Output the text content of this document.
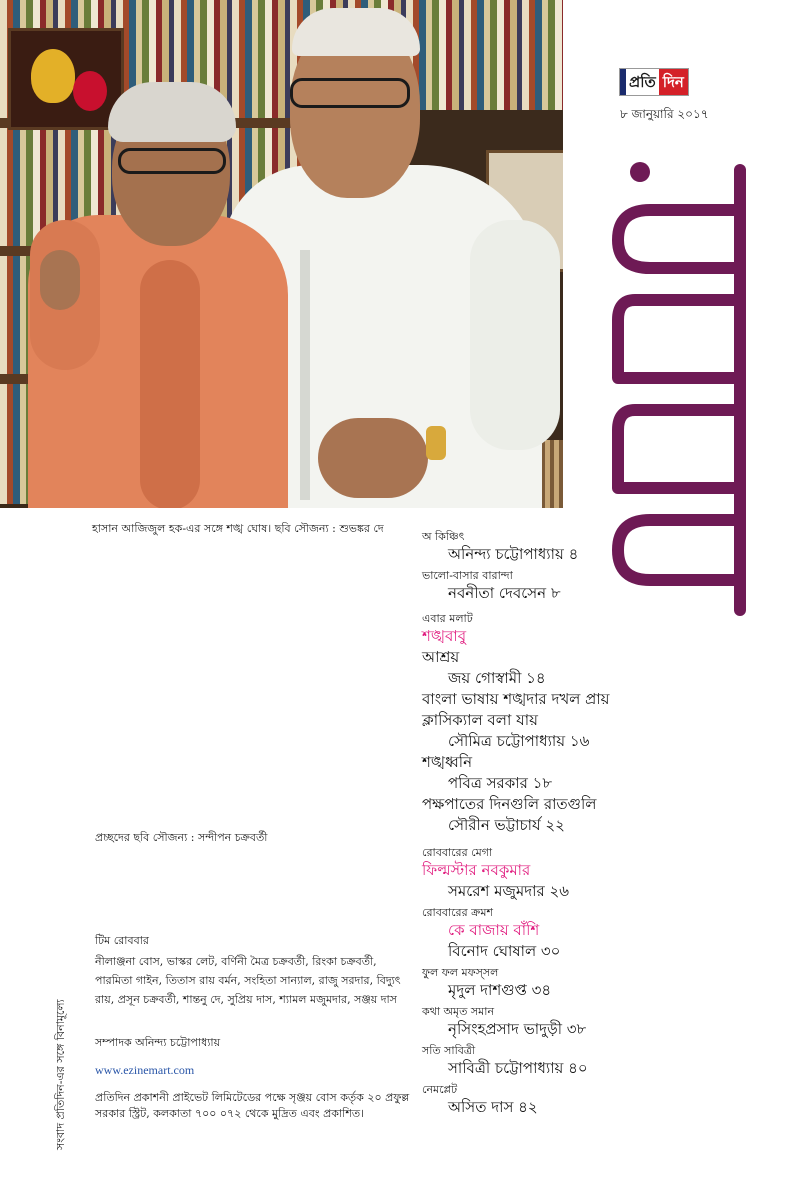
প্রতি দিন
৮ জানুয়ারি ২০১৭
হাসান আজিজুল হক-এর সঙ্গে শঙ্খ ঘোষ। ছবি সৌজন্য : শুভঙ্কর দে
প্রচ্ছদের ছবি সৌজন্য : সন্দীপন চক্রবর্তী
টিম রোববার
নীলাঞ্জনা বোস, ভাস্কর লেট, বর্ণিনী মৈত্র চক্রবর্তী, রিংকা চক্রবর্তী, পারমিতা গাইন, তিতাস রায় বর্মন, সংহিতা সান্যাল, রাজু সরদার, বিদ্যুৎ রায়, প্রসূন চক্রবর্তী, শান্তনু দে, সুপ্রিয় দাস, শ্যামল মজুমদার, সঞ্জয় দাস
সম্পাদক অনিন্দ্য চট্টোপাধ্যায়
www.ezinemart.com
প্রতিদিন প্রকাশনী প্রাইভেট লিমিটেডের পক্ষে সৃঞ্জয় বোস কর্তৃক ২০ প্রফুল্ল সরকার স্ট্রিট, কলকাতা ৭০০ ০৭২ থেকে মুদ্রিত এবং প্রকাশিত।
সংবাদ প্রতিদিন-এর সঙ্গে বিনামূল্যে

অ কিঞ্চিৎ

অনিন্দ্য চট্টোপাধ্যায় ৪

ভালো-বাসার বারান্দা

নবনীতা দেবসেন ৮

এবার মলাট

শঙ্খবাবু

আশ্রয়

জয় গোস্বামী ১৪

বাংলা ভাষায় শঙ্খদার দখল প্রায়

ক্লাসিক্যাল বলা যায়

সৌমিত্র চট্টোপাধ্যায় ১৬

শঙ্খধ্বনি

পবিত্র সরকার ১৮

পক্ষপাতের দিনগুলি রাতগুলি

সৌরীন ভট্টাচার্য ২২

রোববারের মেগা

ফিল্মস্টার নবকুমার

সমরেশ মজুমদার ২৬

রোববারের ক্রমশ

কে বাজায় বাঁশি

বিনোদ ঘোষাল ৩০

ফুল ফল মফস্সল

মৃদুল দাশগুপ্ত ৩৪

কথা অমৃত সমান

নৃসিংহপ্রসাদ ভাদুড়ী ৩৮

সতি সাবিত্রী

সাবিত্রী চট্টোপাধ্যায় ৪০

নেমপ্লেট

অসিত দাস ৪২
